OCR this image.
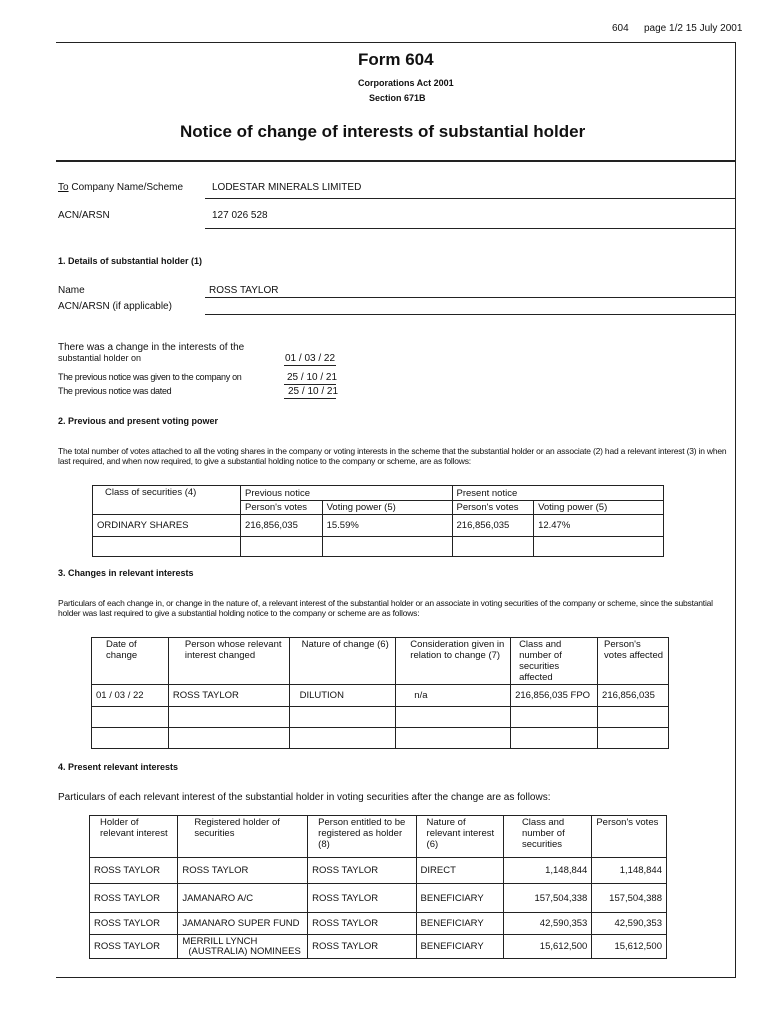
604 page 1/2 15 July 2001
Form 604
Corporations Act 2001
Section 671B
Notice of change of interests of substantial holder
To Company Name/Scheme	LODESTAR MINERALS LIMITED
ACN/ARSN	127 026 528
1. Details of substantial holder (1)
Name	ROSS TAYLOR
ACN/ARSN (if applicable)
There was a change in the interests of the
substantial holder on	01 / 03 / 22
The previous notice was given to the company on	25 / 10 / 21
The previous notice was dated	25 / 10 / 21
2. Previous and present voting power
The total number of votes attached to all the voting shares in the company or voting interests in the scheme that the substantial holder or an associate (2) had a relevant interest (3) in when last required, and when now required, to give a substantial holding notice to the company or scheme, are as follows:
Class of securities (4)	Previous notice		Present notice	
	Person's votes	Voting power (5)	Person's votes	Voting power (5)
ORDINARY SHARES	216,856,035	15.59%	216,856,035	12.47%

3. Changes in relevant interests
Particulars of each change in, or change in the nature of, a relevant interest of the substantial holder or an associate in voting securities of the company or scheme, since the substantial holder was last required to give a substantial holding notice to the company or scheme are as follows:
Date of change	Person whose relevant interest changed	Nature of change (6)	Consideration given in relation to change (7)	Class and number of securities affected	Person's votes affected
01 / 03 / 22	ROSS TAYLOR	DILUTION	n/a	216,856,035 FPO	216,856,035

4. Present relevant interests
Particulars of each relevant interest of the substantial holder in voting securities after the change are as follows:
Holder of relevant interest	Registered holder of securities	Person entitled to be registered as holder (8)	Nature of relevant interest (6)	Class and number of securities	Person's votes
ROSS TAYLOR	ROSS TAYLOR	ROSS TAYLOR	DIRECT	1,148,844	1,148,844
ROSS TAYLOR	JAMANARO A/C	ROSS TAYLOR	BENEFICIARY	157,504,338	157,504,388
ROSS TAYLOR	JAMANARO SUPER FUND	ROSS TAYLOR	BENEFICIARY	42,590,353	42,590,353
ROSS TAYLOR	MERRILL LYNCH
(AUSTRALIA) NOMINEES	ROSS TAYLOR	BENEFICIARY	15,612,500	15,612,500
